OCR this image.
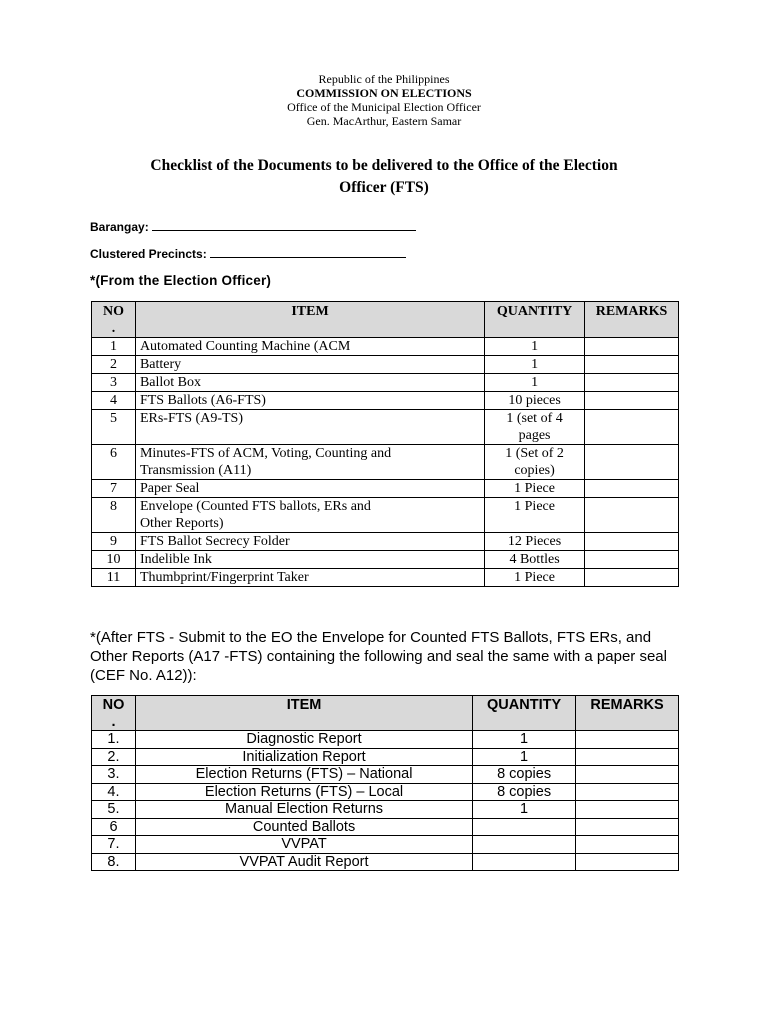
Republic of the Philippines
COMMISSION ON ELECTIONS
Office of the Municipal Election Officer
Gen. MacArthur, Eastern Samar
Checklist of the Documents to be delivered to the Office of the Election
Officer (FTS)
Barangay:
Clustered Precincts:
*(From the Election Officer)
NO
.	ITEM	QUANTITY	REMARKS
1	Automated Counting Machine (ACM	1	
2	Battery	1	
3	Ballot Box	1	
4	FTS Ballots (A6-FTS)	10 pieces	
5	ERs-FTS (A9-TS)	1 (set of 4
pages	
6	Minutes-FTS of ACM, Voting, Counting and
Transmission (A11)	1 (Set of 2
copies)	
7	Paper Seal	1 Piece	
8	Envelope (Counted FTS ballots, ERs and
Other Reports)	1 Piece	
9	FTS Ballot Secrecy Folder	12 Pieces	
10	Indelible Ink	4 Bottles	
11	Thumbprint/Fingerprint Taker	1 Piece	
*(After FTS - Submit to the EO the Envelope for Counted FTS Ballots, FTS ERs, and Other Reports (A17 -FTS) containing the following and seal the same with a paper seal (CEF No. A12)):
NO
.	ITEM	QUANTITY	REMARKS
1.	Diagnostic Report	1	
2.	Initialization Report	1	
3.	Election Returns (FTS) – National	8 copies	
4.	Election Returns (FTS) – Local	8 copies	
5.	Manual Election Returns	1	
6	Counted Ballots		
7.	VVPAT		
8.	VVPAT Audit Report		
